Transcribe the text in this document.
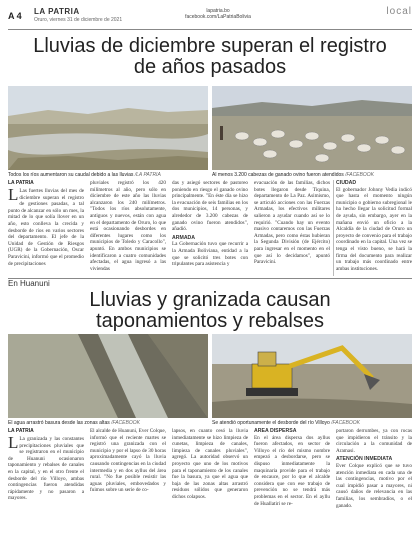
A 4 LA PATRIA
Oruro, viernes 31 de diciembre de 2021
lapatria.bo
facebook.com/LaPatriaBolivia	local
Lluvias de diciembre superan el registro de años pasados
Todos los ríos aumentaron su caudal debido a las lluvias /LA PATRIA	Al menos 3.200 cabezas de ganado ovino fueron atendidos /FACEBOOK
LA PATRIA
L Las fuertes lluvias del mes de diciembre superan el registro de gestiones pasadas, a tal punto de alcanzar en sólo un mes, la mitad de lo que solía llover en un año, esto conlleva la crecida y desborde de ríos en varios sectores del departamento. El jefe de la Unidad de Gestión de Riesgos (UGR) de la Gobernación, Oscar Paravicini, informó que el promedio de precipitaciones
pluviales registró los 420 milímetros al año, pero sólo en diciembre de este año las lluvias alcanzaron los 240 milímetros. "Todos los ríos absolutamente, antiguos y nuevos, están con agua en el departamento de Oruro, lo que está ocasionando desbordes en diferentes lugares como los municipios de Toledo y Caracollo", apuntó. En ambos municipios se identificaron a cuatro comunidades afectadas, el agua ingresó a las viviendas
das y asiegó sectores de pastoreo poniendo en riesgo el ganado ovino principalmente. "En éste día se hizo la evacuación de seis familias en los dos municipios, 14 personas, y alrededor de 3.200 cabezas de ganado ovino fueron atendidos", añadió.
ARMADA
La Gobernación tuvo que recurrir a la Armada Boliviana, entidad a la que se solicitó tres botes con tripulantes para asistencia y
evacuación de las familias, dichos botes llegaron desde Tiquina, departamento de La Paz. Asimismo, se articuló acciones con las Fuerzas Armadas, los efectivos militares salieron a ayudar cuando así se lo requirió. "Cuando hay un evento masivo contaremos con las Fuerzas Armadas, pero como éstas hubieran la Segunda División (de Ejército) para ingresar en el momento en el que así lo decidamos", apuntó Paravicini.
CIUDAD
El gobernador Johnny Vedia indicó que hasta el momento ningún municipio o gobierno subregional le ha hecho llegar la solicitud formal de ayuda, sin embargo, ayer en la mañana envió un oficio a la Alcaldía de la ciudad de Oruro un proyecto de convenio para el trabajo coordinado en la capital. Una vez se tenga el visto bueno, se hará la firma del documento para realizar un trabajo más coordinado entre ambas instituciones.
En Huanuni
Lluvias y granizada causan taponamientos y rebalses
El agua arrastró basura desde las zonas altas /FACEBOOK	Se atendió oportunamente el desborde del río Villoyo /FACEBOOK
LA PATRIA
L La granizada y las constantes precipitaciones pluviales que se registraron en el municipio de Huanuni ocasionaron taponamiento y rebalses de canales en la capital, y en el otro frente el desborde del río Villoyo, ambas contingencias fueron atendidas rápidamente y no pasaron a mayores.
El alcalde de Huanuni, Ever Colque, informó que el reciente martes se registró una granizada con el municipio y por el lapso de 30 horas aproximadamente cayó la lluvia causando contingencias en la ciudad intermedia y en dos ayllus del área rural. "No fue posible resistir las aguas pluviales, embovedados y fuimos sobre un serie de co-
lapsos, en cuanto cesó la lluvia inmediatamente se hizo limpieza de cunetas, limpieza de canales, limpieza de canales pluviales", agregó. La autoridad observó un proyecto que uno de los motivos para el taponamiento de los canales fue la basura, ya que el agua que baja de las zonas altas arrastró residuos sólidos que generaron dichos colapsos.
ÁREA DISPERSA
En el área dispersa dos ayllus fueron afectados, en sector de Villoyo el río del mismo nombre empezó a desbordarse, pero se dispuso inmediatamente la maquinaria provide para el trabajo de encauce, por lo que el alcalde considera que con ese trabajo de prevención no se tendrá más problemas en el sector. En el ayllu de Huallatiri se re-
portaron derrumbes, ya con rocas que impidieron el tránsito y la circulación a la comunidad de Aramasi.
ATENCIÓN INMEDIATA
Ever Colque explicó que se tuvo atención inmediata en cada una de las contingencias, motivo por el cual impidió pasar a mayores, ni causó daños de relevancia en las familias, los sembradíos, o el ganado.
